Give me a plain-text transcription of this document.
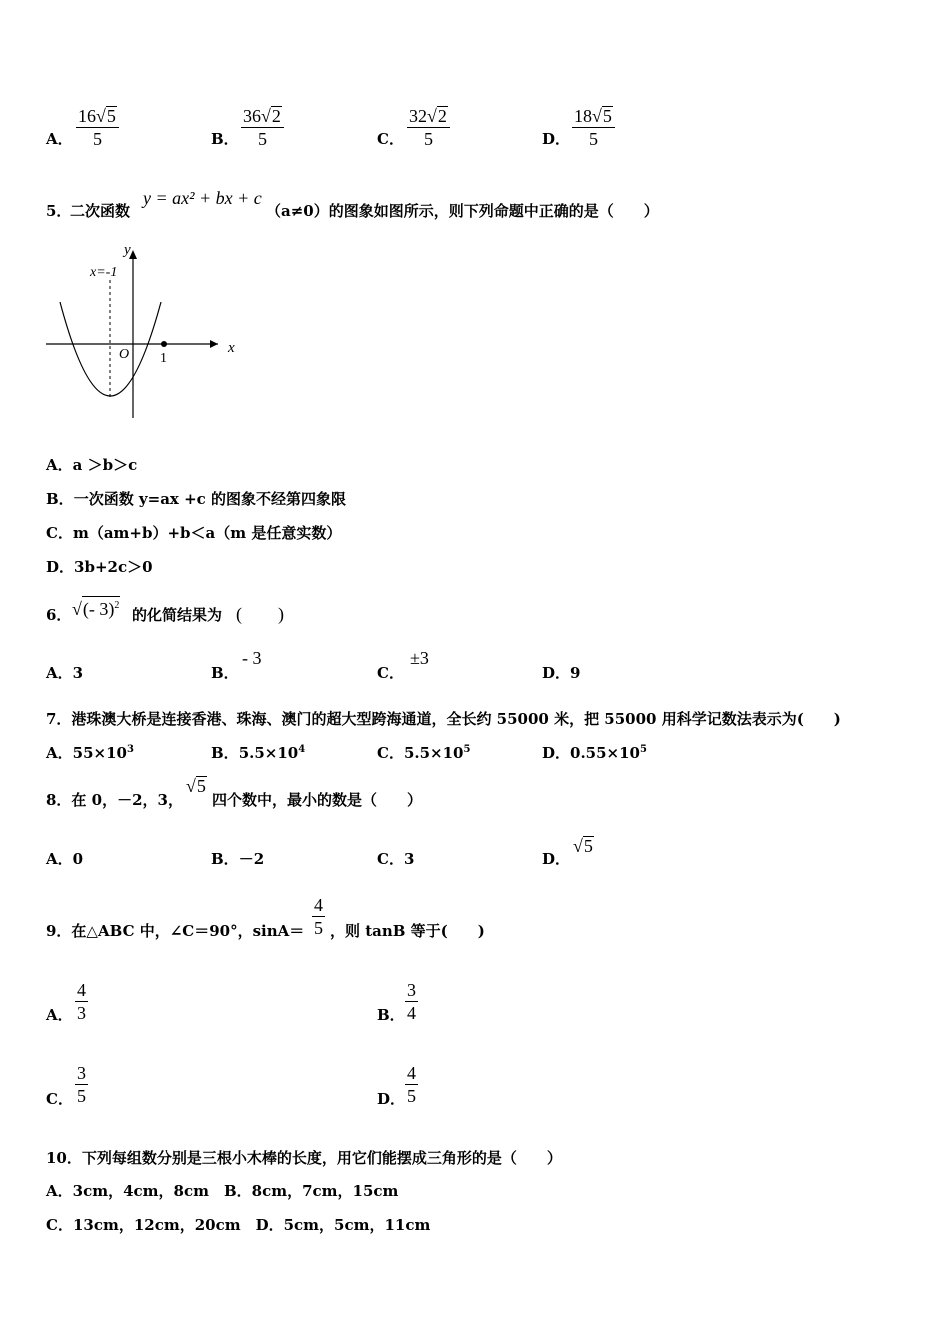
A． $\frac{16√5}{5}$	B． $\frac{36√2}{5}$	C． $\frac{32√2}{5}$	D． $\frac{18√5}{5}$
5．
二次函数
y = ax² + bx + c
（a≠0）的图象如图所示，则下列命题中正确的是（　　）
x
y
O
x=-1
1
A．a ＞b＞c
B．一次函数 y=ax +c 的图象不经第四象限
C．m（am+b）+b＜a（m 是任意实数）
D．3b+2c＞0
6． √(- 3)$^2$
的化简结果为 (　　)
A．3	B．
- 3
C．
±3
D．9
7．港珠澳大桥是连接香港、珠海、澳门的超大型跨海通道，全长约 55000 米，把 55000 用科学记数法表示为(　　)
A．$55\times 10^3$	B．$5.5\times 10^4$	C．$5.5\times 10^5$	D．$0.55\times 10^5$
8．在 0，－2，3，
√5
四个数中，最小的数是（　　）
A．0	B．－2	C．3	D．
√5
9．在△ABC 中，∠C＝90°，$\sin A= \frac{4}{5}$ ，则 tanB 等于(　　)
A． $\frac{4}{3}$	B． $\frac{3}{4}$
C． $\frac{3}{5}$	D． $\frac{4}{5}$
10．下列每组数分别是三根小木棒的长度，用它们能摆成三角形的是（　　）
A．3cm，4cm，8cm　B．8cm，7cm，15cm
C．13cm，12cm，20cm　D．5cm，5cm，11cm
